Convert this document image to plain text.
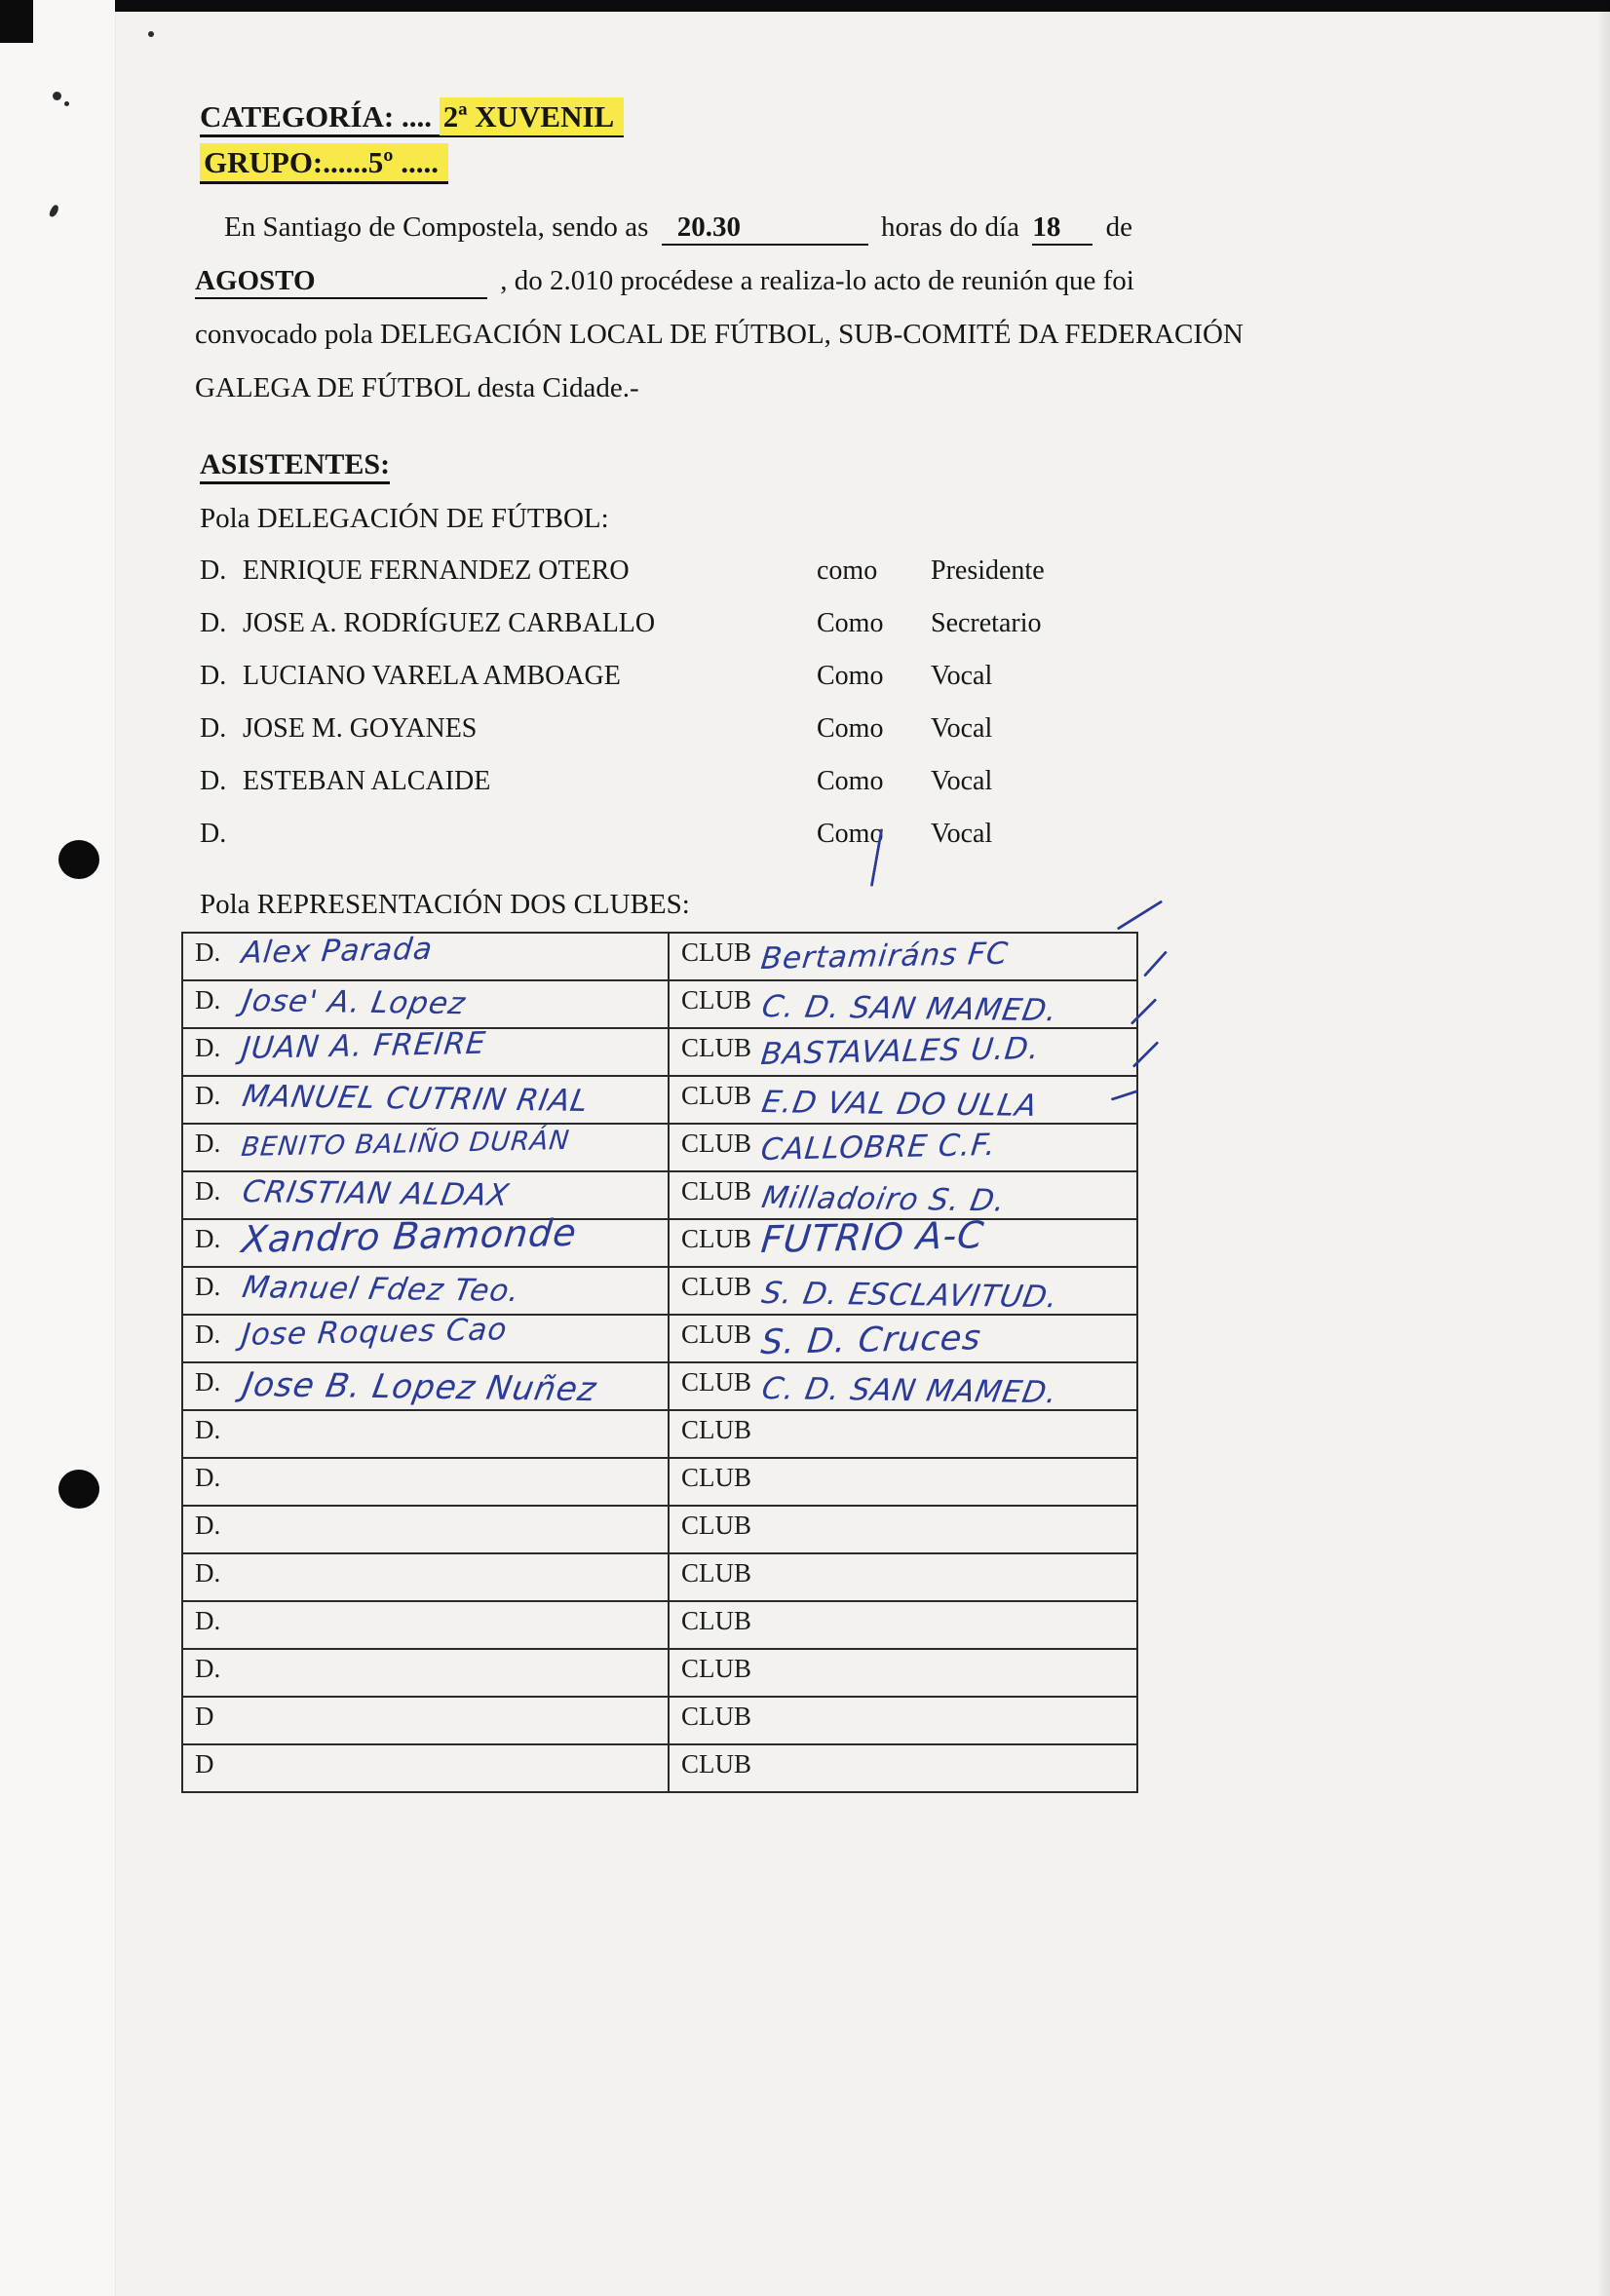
CATEGORÍA: .... 2ª XUVENIL
GRUPO:......5º .....
En Santiago de Compostela, sendo as 20.30	horas do día 18 de
AGOSTO	, do 2.010 procédese a realiza-lo acto de reunión que foi
convocado pola DELEGACIÓN LOCAL DE FÚTBOL, SUB-COMITÉ DA FEDERACIÓN
GALEGA DE FÚTBOL desta Cidade.-
ASISTENTES:
Pola DELEGACIÓN DE FÚTBOL:
D. ENRIQUE FERNANDEZ OTERO	como Presidente
D. JOSE A. RODRÍGUEZ CARBALLO	Como Secretario
D. LUCIANO VARELA AMBOAGE	Como Vocal
D. JOSE M. GOYANES	Como Vocal
D. ESTEBAN ALCAIDE	Como Vocal
D.	Como Vocal
Pola REPRESENTACIÓN DOS CLUBES:
D. Alex Parada	CLUB Bertamiráns FC
D. Jose' A. Lopez	CLUB C. D. SAN MAMED.
D. JUAN A. FREIRE	CLUB BASTAVALES U.D.
D. MANUEL CUTRIN RIAL	CLUB E.D VAL DO ULLA
D. BENITO BALIÑO DURÁN	CLUB CALLOBRE C.F.
D. CRISTIAN ALDAX	CLUB Milladoiro S. D.
D. Xandro Bamonde	CLUB FUTRIO A-C
D. Manuel Fdez Teo.	CLUB S. D. ESCLAVITUD.
D. Jose Roques Cao	CLUB S. D. Cruces
D. Jose B. Lopez Nuñez	CLUB C. D. SAN MAMED.
D.	CLUB
D.	CLUB
D.	CLUB
D.	CLUB
D.	CLUB
D.	CLUB
D	CLUB
D	CLUB
